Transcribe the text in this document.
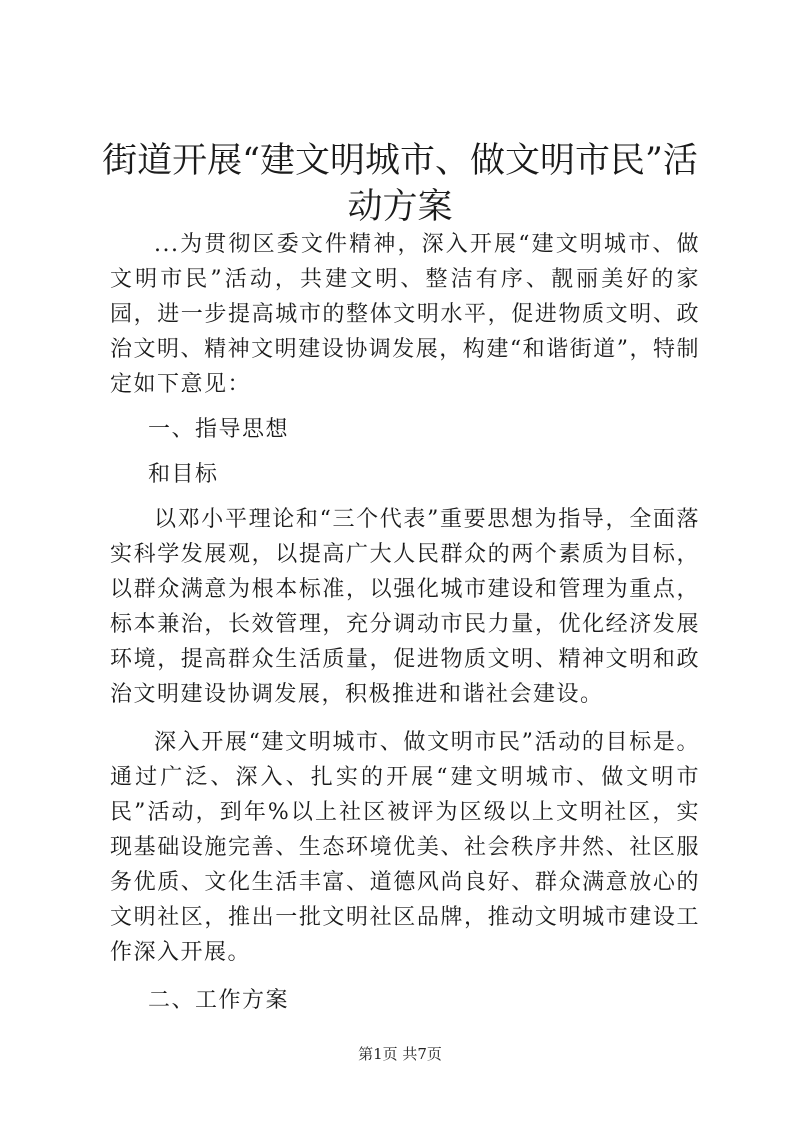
街道开展“建文明城市、做文明市民”活动方案

...为贯彻区委文件精神，深入开展“建文明城市、做文明市民”活动，共建文明、整洁有序、靓丽美好的家园，进一步提高城市的整体文明水平，促进物质文明、政治文明、精神文明建设协调发展，构建“和谐街道”，特制定如下意见：

一、指导思想

和目标

以邓小平理论和“三个代表”重要思想为指导，全面落实科学发展观，以提高广大人民群众的两个素质为目标，以群众满意为根本标准，以强化城市建设和管理为重点，标本兼治，长效管理，充分调动市民力量，优化经济发展环境，提高群众生活质量，促进物质文明、精神文明和政治文明建设协调发展，积极推进和谐社会建设。

深入开展“建文明城市、做文明市民”活动的目标是。通过广泛、深入、扎实的开展“建文明城市、做文明市民”活动，到年%以上社区被评为区级以上文明社区，实现基础设施完善、生态环境优美、社会秩序井然、社区服务优质、文化生活丰富、道德风尚良好、群众满意放心的文明社区，推出一批文明社区品牌，推动文明城市建设工作深入开展。

二、工作方案

第1页 共7页
